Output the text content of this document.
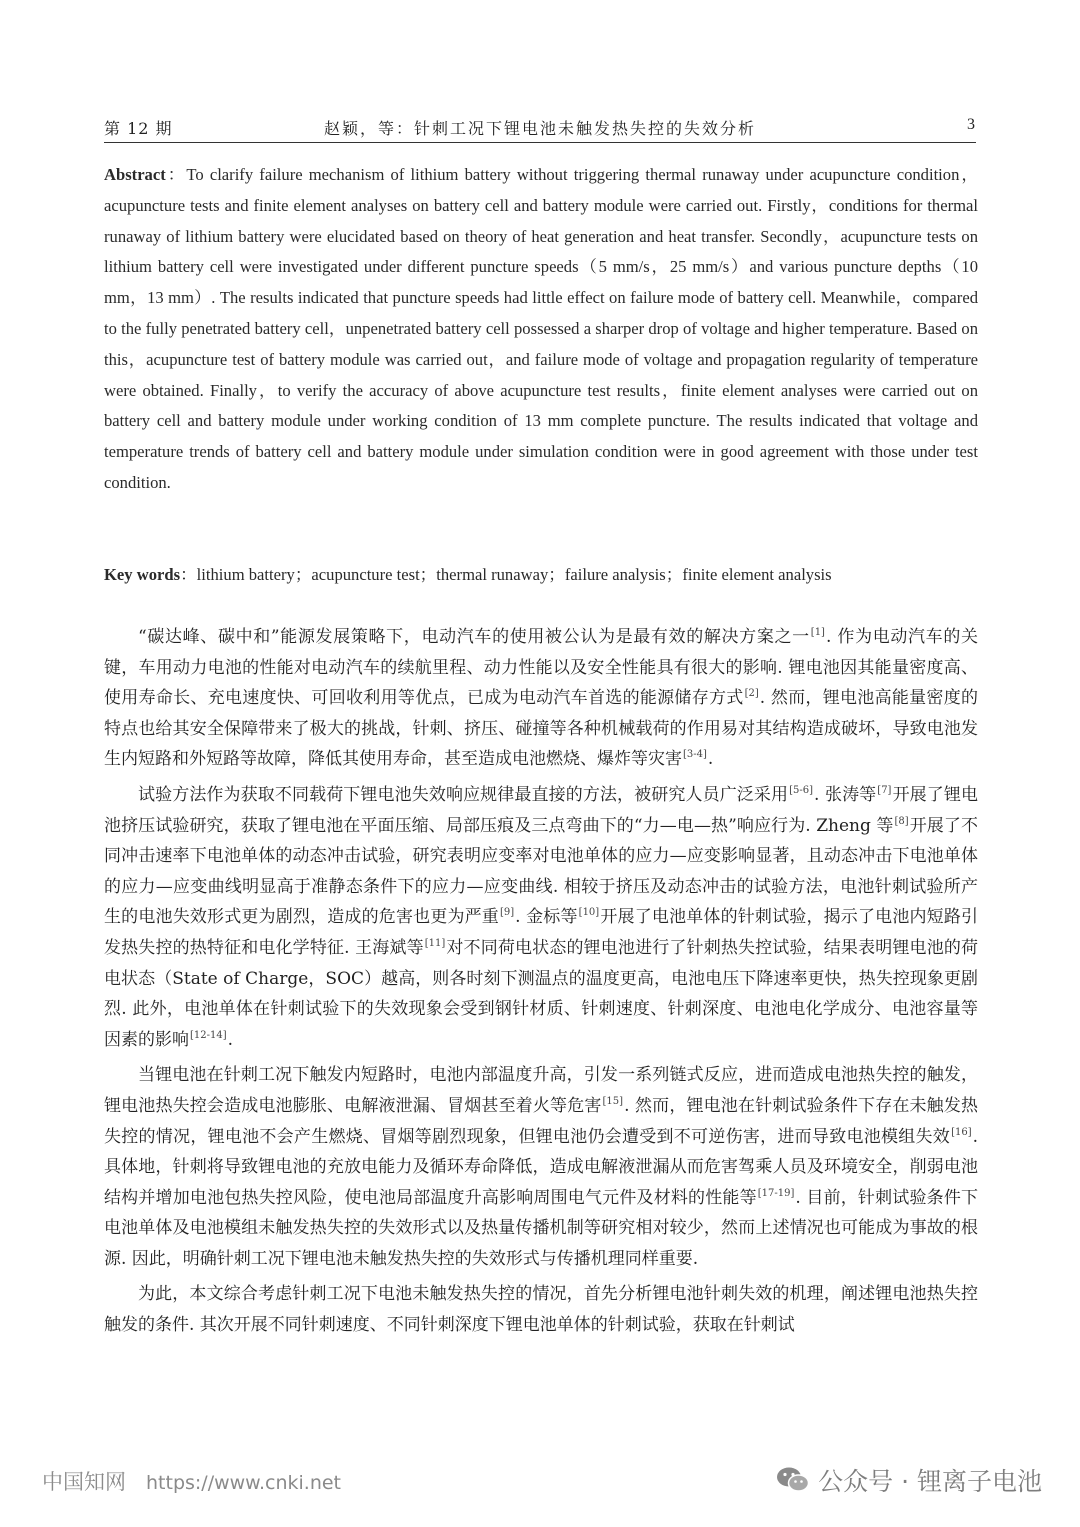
第 12 期	赵颖，等：针刺工况下锂电池未触发热失控的失效分析	3
Abstract：To clarify failure mechanism of lithium battery without triggering thermal runaway under acupuncture condition，acupuncture tests and finite element analyses on battery cell and battery module were carried out. Firstly，conditions for thermal runaway of lithium battery were elucidated based on theory of heat generation and heat transfer. Secondly，acupuncture tests on lithium battery cell were investigated under different puncture speeds（5 mm/s，25 mm/s）and various puncture depths（10 mm，13 mm）. The results indicated that puncture speeds had little effect on failure mode of battery cell. Meanwhile，compared to the fully penetrated battery cell，unpenetrated battery cell possessed a sharper drop of voltage and higher temperature. Based on this，acupuncture test of battery module was carried out，and failure mode of voltage and propagation regularity of temperature were obtained. Finally，to verify the accuracy of above acupuncture test results，finite element analyses were carried out on battery cell and battery module under working condition of 13 mm complete puncture. The results indicated that voltage and temperature trends of battery cell and battery module under simulation condition were in good agreement with those under test condition.
Key words：lithium battery；acupuncture test；thermal runaway；failure analysis；finite element analysis

“碳达峰、碳中和”能源发展策略下，电动汽车的使用被公认为是最有效的解决方案之一[1]. 作为电动汽车的关键，车用动力电池的性能对电动汽车的续航里程、动力性能以及安全性能具有很大的影响. 锂电池因其能量密度高、使用寿命长、充电速度快、可回收利用等优点，已成为电动汽车首选的能源储存方式[2]. 然而，锂电池高能量密度的特点也给其安全保障带来了极大的挑战，针刺、挤压、碰撞等各种机械载荷的作用易对其结构造成破坏，导致电池发生内短路和外短路等故障，降低其使用寿命，甚至造成电池燃烧、爆炸等灾害[3-4].

试验方法作为获取不同载荷下锂电池失效响应规律最直接的方法，被研究人员广泛采用[5-6]. 张涛等[7]开展了锂电池挤压试验研究，获取了锂电池在平面压缩、局部压痕及三点弯曲下的“力—电—热”响应行为. Zheng 等[8]开展了不同冲击速率下电池单体的动态冲击试验，研究表明应变率对电池单体的应力—应变影响显著，且动态冲击下电池单体的应力—应变曲线明显高于准静态条件下的应力—应变曲线. 相较于挤压及动态冲击的试验方法，电池针刺试验所产生的电池失效形式更为剧烈，造成的危害也更为严重[9]. 金标等[10]开展了电池单体的针刺试验，揭示了电池内短路引发热失控的热特征和电化学特征. 王海斌等[11]对不同荷电状态的锂电池进行了针刺热失控试验，结果表明锂电池的荷电状态（State of Charge，SOC）越高，则各时刻下测温点的温度更高，电池电压下降速率更快，热失控现象更剧烈. 此外，电池单体在针刺试验下的失效现象会受到钢针材质、针刺速度、针刺深度、电池电化学成分、电池容量等因素的影响[12-14].

当锂电池在针刺工况下触发内短路时，电池内部温度升高，引发一系列链式反应，进而造成电池热失控的触发，锂电池热失控会造成电池膨胀、电解液泄漏、冒烟甚至着火等危害[15]. 然而，锂电池在针刺试验条件下存在未触发热失控的情况，锂电池不会产生燃烧、冒烟等剧烈现象，但锂电池仍会遭受到不可逆伤害，进而导致电池模组失效[16]. 具体地，针刺将导致锂电池的充放电能力及循环寿命降低，造成电解液泄漏从而危害驾乘人员及环境安全，削弱电池结构并增加电池包热失控风险，使电池局部温度升高影响周围电气元件及材料的性能等[17-19]. 目前，针刺试验条件下电池单体及电池模组未触发热失控的失效形式以及热量传播机制等研究相对较少，然而上述情况也可能成为事故的根源. 因此，明确针刺工况下锂电池未触发热失控的失效形式与传播机理同样重要.

为此，本文综合考虑针刺工况下电池未触发热失控的情况，首先分析锂电池针刺失效的机理，阐述锂电池热失控触发的条件. 其次开展不同针刺速度、不同针刺深度下锂电池单体的针刺试验，获取在针刺试

中国知网 https://www.cnki.net	公众号 · 锂离子电池
